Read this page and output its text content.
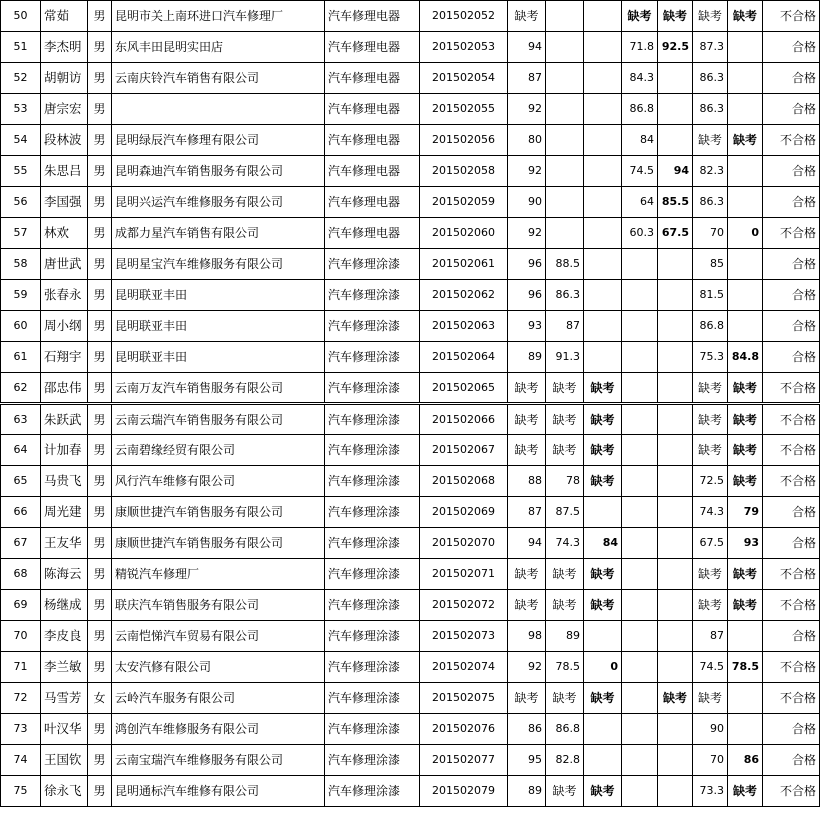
50	常茹	男	昆明市关上南环进口汽车修理厂	汽车修理电器	201502052	缺考			缺考	缺考	缺考	缺考	不合格
51	李杰明	男	东风丰田昆明实田店	汽车修理电器	201502053	94			71.8	92.5	87.3		合格
52	胡朝访	男	云南庆铃汽车销售有限公司	汽车修理电器	201502054	87			84.3		86.3		合格
53	唐宗宏	男		汽车修理电器	201502055	92			86.8		86.3		合格
54	段林波	男	昆明绿辰汽车修理有限公司	汽车修理电器	201502056	80			84		缺考	缺考	不合格
55	朱思吕	男	昆明森迪汽车销售服务有限公司	汽车修理电器	201502058	92			74.5	94	82.3		合格
56	李国强	男	昆明兴运汽车维修服务有限公司	汽车修理电器	201502059	90			64	85.5	86.3		合格
57	林欢	男	成都力星汽车销售有限公司	汽车修理电器	201502060	92			60.3	67.5	70	0	不合格
58	唐世武	男	昆明星宝汽车维修服务有限公司	汽车修理涂漆	201502061	96	88.5				85		合格
59	张春永	男	昆明联亚丰田	汽车修理涂漆	201502062	96	86.3				81.5		合格
60	周小纲	男	昆明联亚丰田	汽车修理涂漆	201502063	93	87				86.8		合格
61	石翔宇	男	昆明联亚丰田	汽车修理涂漆	201502064	89	91.3				75.3	84.8	合格
62	邵忠伟	男	云南万友汽车销售服务有限公司	汽车修理涂漆	201502065	缺考	缺考	缺考			缺考	缺考	不合格
63	朱跃武	男	云南云瑞汽车销售服务有限公司	汽车修理涂漆	201502066	缺考	缺考	缺考			缺考	缺考	不合格
64	计加春	男	云南碧缘经贸有限公司	汽车修理涂漆	201502067	缺考	缺考	缺考			缺考	缺考	不合格
65	马贵飞	男	风行汽车维修有限公司	汽车修理涂漆	201502068	88	78	缺考			72.5	缺考	不合格
66	周光建	男	康顺世捷汽车销售服务有限公司	汽车修理涂漆	201502069	87	87.5				74.3	79	合格
67	王友华	男	康顺世捷汽车销售服务有限公司	汽车修理涂漆	201502070	94	74.3	84			67.5	93	合格
68	陈海云	男	精锐汽车修理厂	汽车修理涂漆	201502071	缺考	缺考	缺考			缺考	缺考	不合格
69	杨继成	男	联庆汽车销售服务有限公司	汽车修理涂漆	201502072	缺考	缺考	缺考			缺考	缺考	不合格
70	李皮良	男	云南恺悌汽车贸易有限公司	汽车修理涂漆	201502073	98	89				87		合格
71	李兰敏	男	太安汽修有限公司	汽车修理涂漆	201502074	92	78.5	0			74.5	78.5	不合格
72	马雪芳	女	云岭汽车服务有限公司	汽车修理涂漆	201502075	缺考	缺考	缺考		缺考	缺考		不合格
73	叶汉华	男	鸿创汽车维修服务有限公司	汽车修理涂漆	201502076	86	86.8				90		合格
74	王国钦	男	云南宝瑞汽车维修服务有限公司	汽车修理涂漆	201502077	95	82.8				70	86	合格
75	徐永飞	男	昆明通标汽车维修有限公司	汽车修理涂漆	201502079	89	缺考	缺考			73.3	缺考	不合格
